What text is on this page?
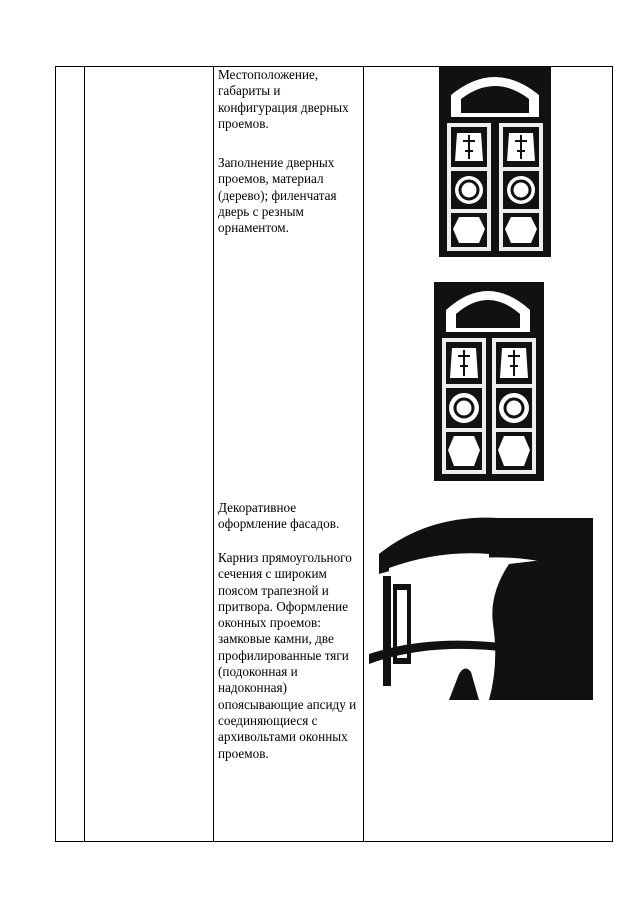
Местоположение, габариты и конфигурация дверных проемов.

Заполнение дверных проемов, материал (дерево); филенчатая дверь с резным орнаментом.

Декоративное оформление фасадов.

Карниз прямоугольного сечения с широким поясом трапезной и притвора. Оформление оконных проемов: замковые камни, две профилированные тяги (подоконная и надоконная) опоясывающие апсиду и соединяющиеся с архивольтами оконных проемов.
